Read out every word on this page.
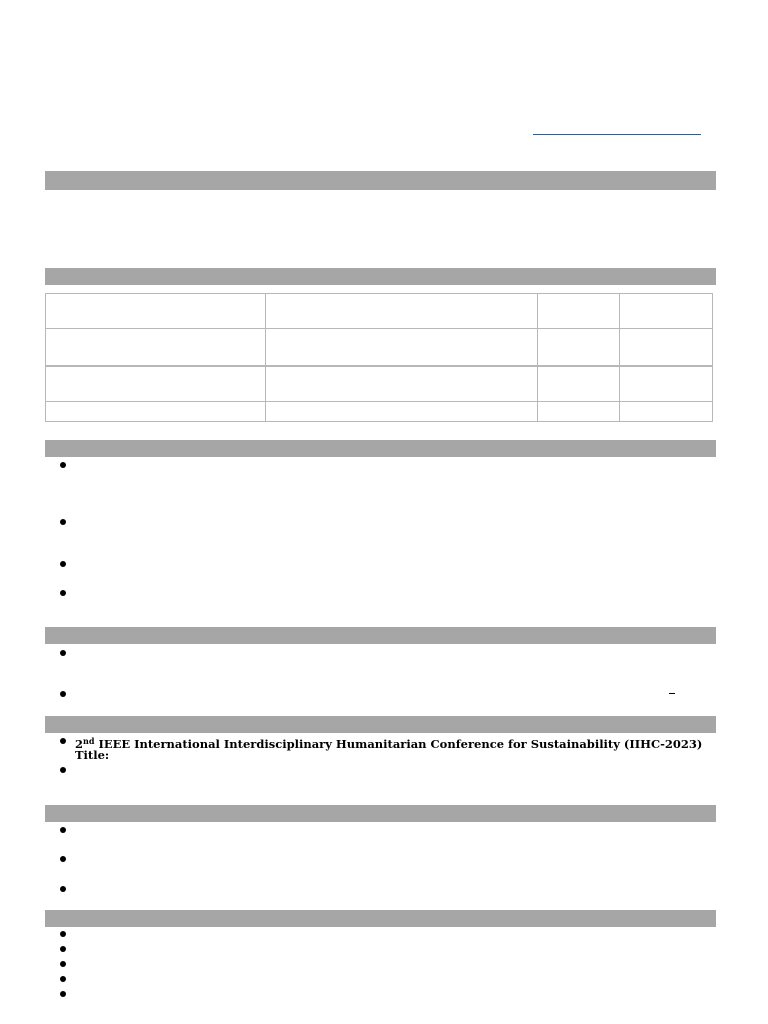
2nd IEEE International Interdisciplinary Humanitarian Conference for Sustainability (IIHC-2023)
Title:
